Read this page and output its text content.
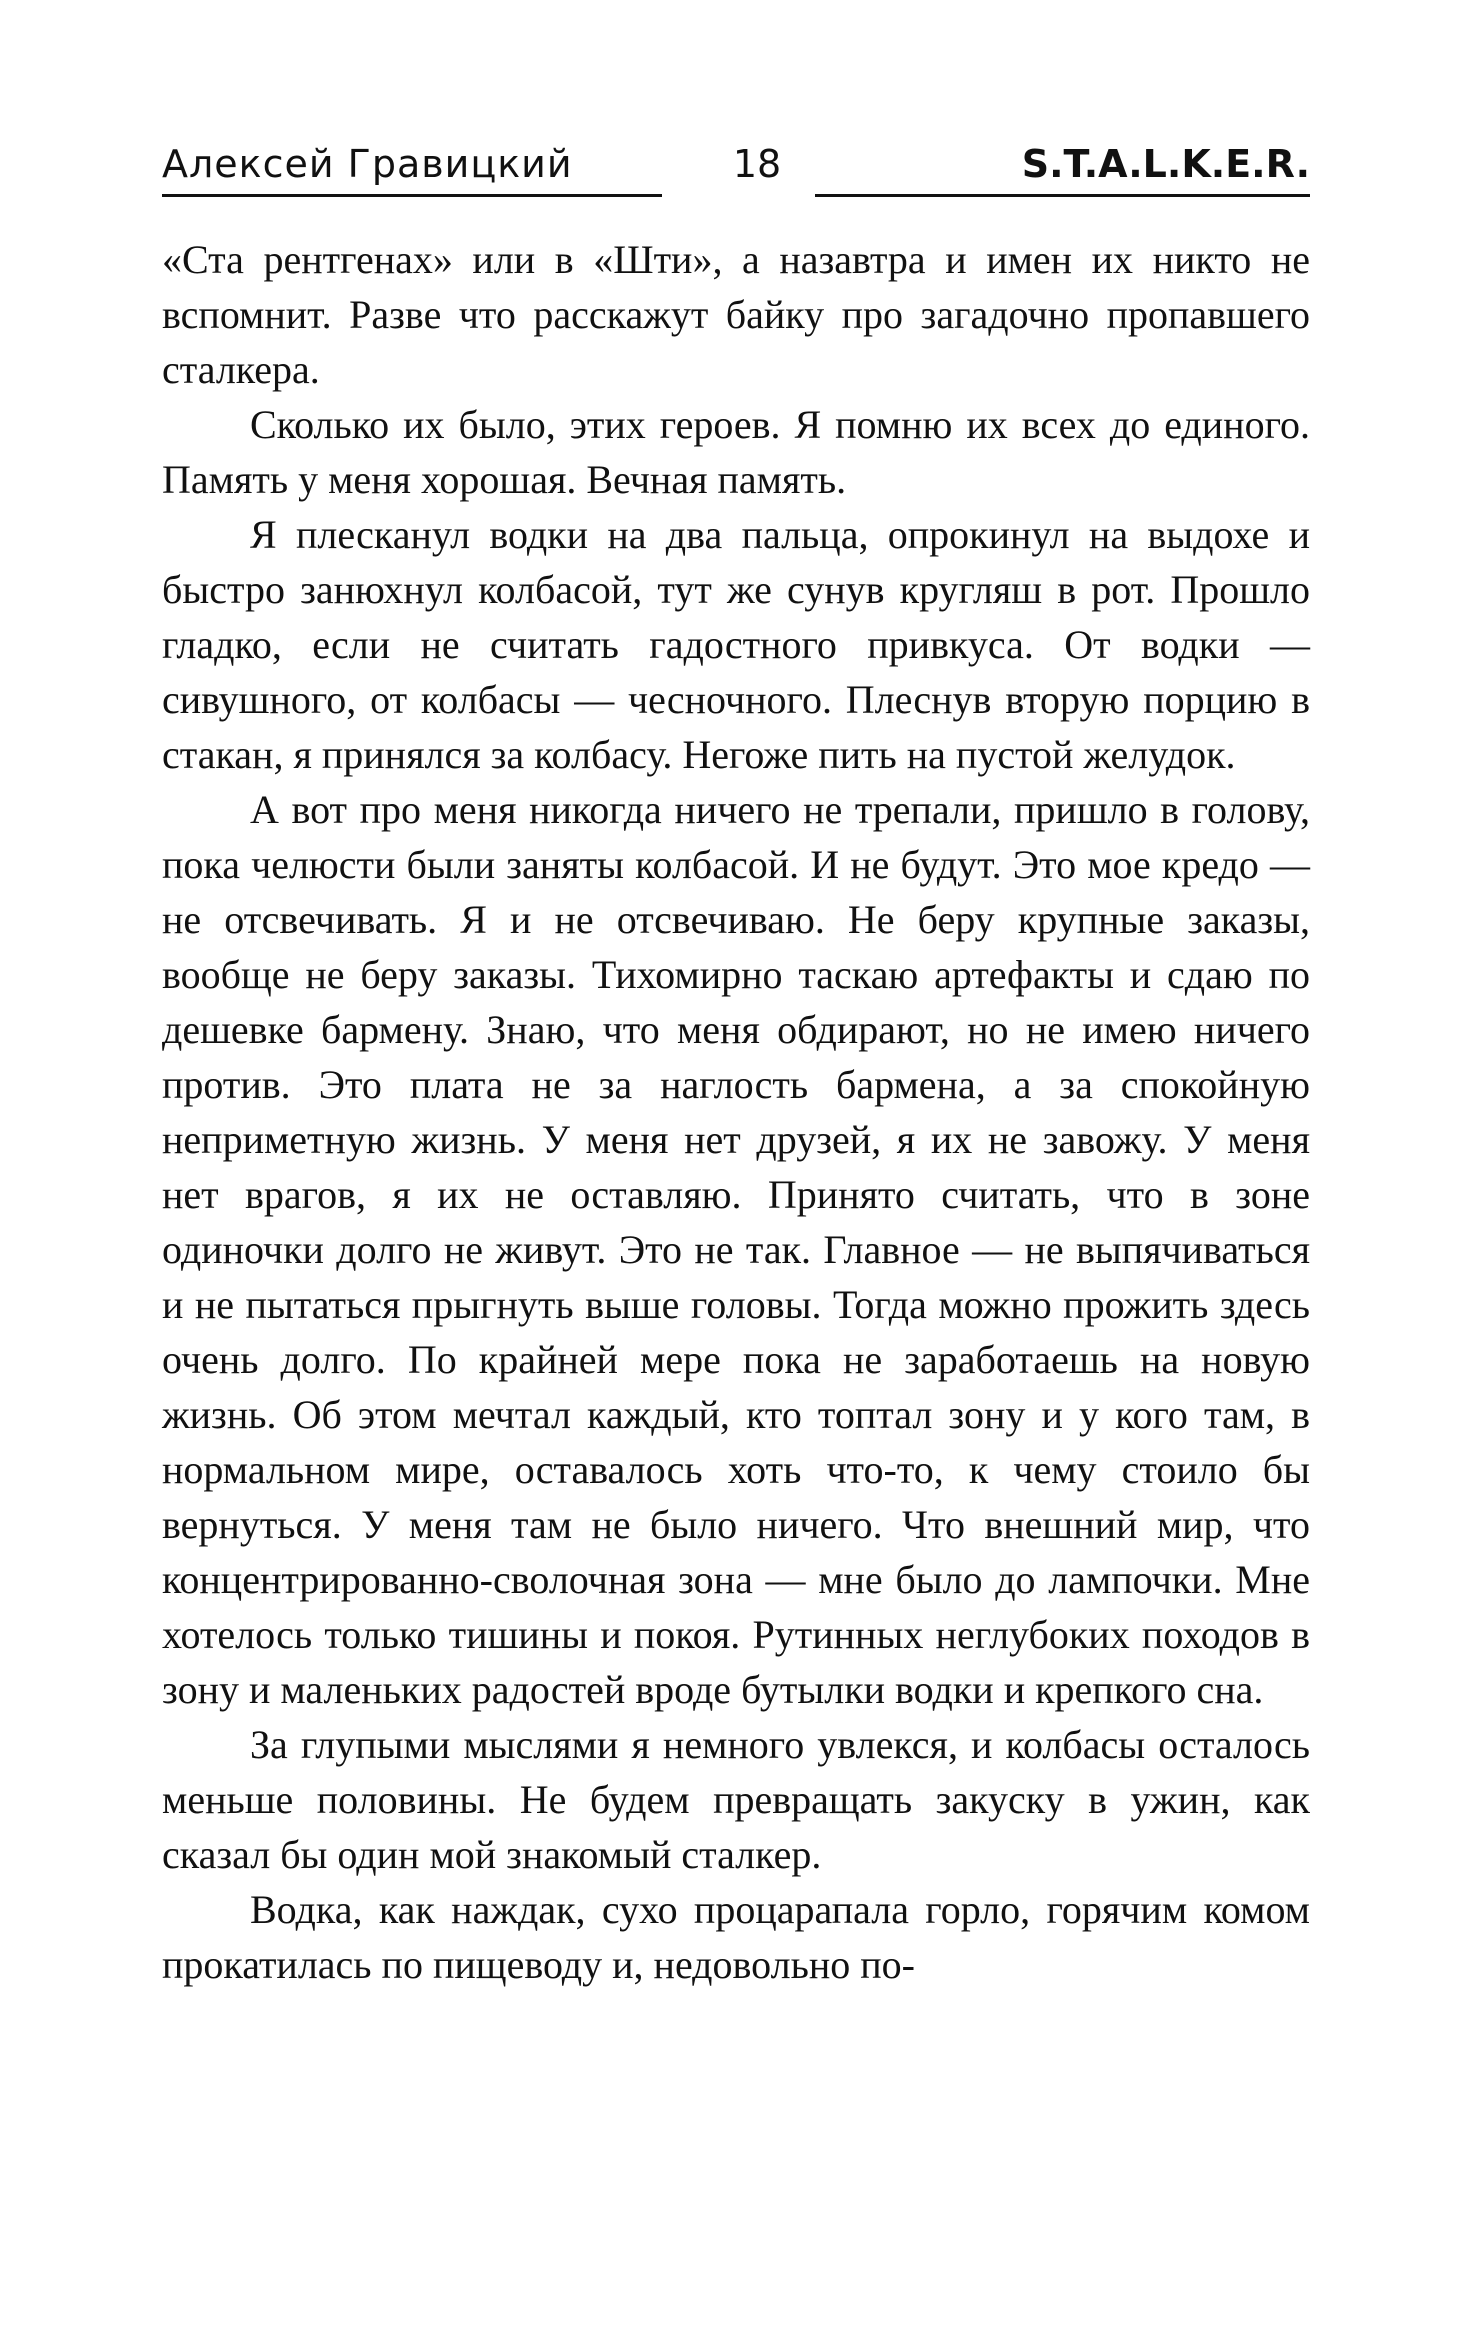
Алексей Гравицкий	18	S.T.A.L.K.E.R.

«Ста рентгенах» или в «Шти», а назавтра и имен их никто не вспомнит. Разве что расскажут байку про загадочно пропавшего сталкера.

Сколько их было, этих героев. Я помню их всех до единого. Память у меня хорошая. Вечная память.

Я плесканул водки на два пальца, опрокинул на выдохе и быстро занюхнул колбасой, тут же сунув кругляш в рот. Прошло гладко, если не считать гадостного привкуса. От водки — сивушного, от колбасы — чесночного. Плеснув вторую порцию в стакан, я принялся за колбасу. Негоже пить на пустой желудок.

А вот про меня никогда ничего не трепали, пришло в голову, пока челюсти были заняты колбасой. И не будут. Это мое кредо — не отсвечивать. Я и не отсвечиваю. Не беру крупные заказы, вообще не беру заказы. Тихомирно таскаю артефакты и сдаю по дешевке бармену. Знаю, что меня обдирают, но не имею ничего против. Это плата не за наглость бармена, а за спокойную неприметную жизнь. У меня нет друзей, я их не завожу. У меня нет врагов, я их не оставляю. Принято считать, что в зоне одиночки долго не живут. Это не так. Главное — не выпячиваться и не пытаться прыгнуть выше головы. Тогда можно прожить здесь очень долго. По крайней мере пока не заработаешь на новую жизнь. Об этом мечтал каждый, кто топтал зону и у кого там, в нормальном мире, оставалось хоть что-то, к чему стоило бы вернуться. У меня там не было ничего. Что внешний мир, что концентрированно-сволочная зона — мне было до лампочки. Мне хотелось только тишины и покоя. Рутинных неглубоких походов в зону и маленьких радостей вроде бутылки водки и крепкого сна.

За глупыми мыслями я немного увлекся, и колбасы осталось меньше половины. Не будем превращать закуску в ужин, как сказал бы один мой знакомый сталкер.

Водка, как наждак, сухо процарапала горло, горячим комом прокатилась по пищеводу и, недовольно по-
